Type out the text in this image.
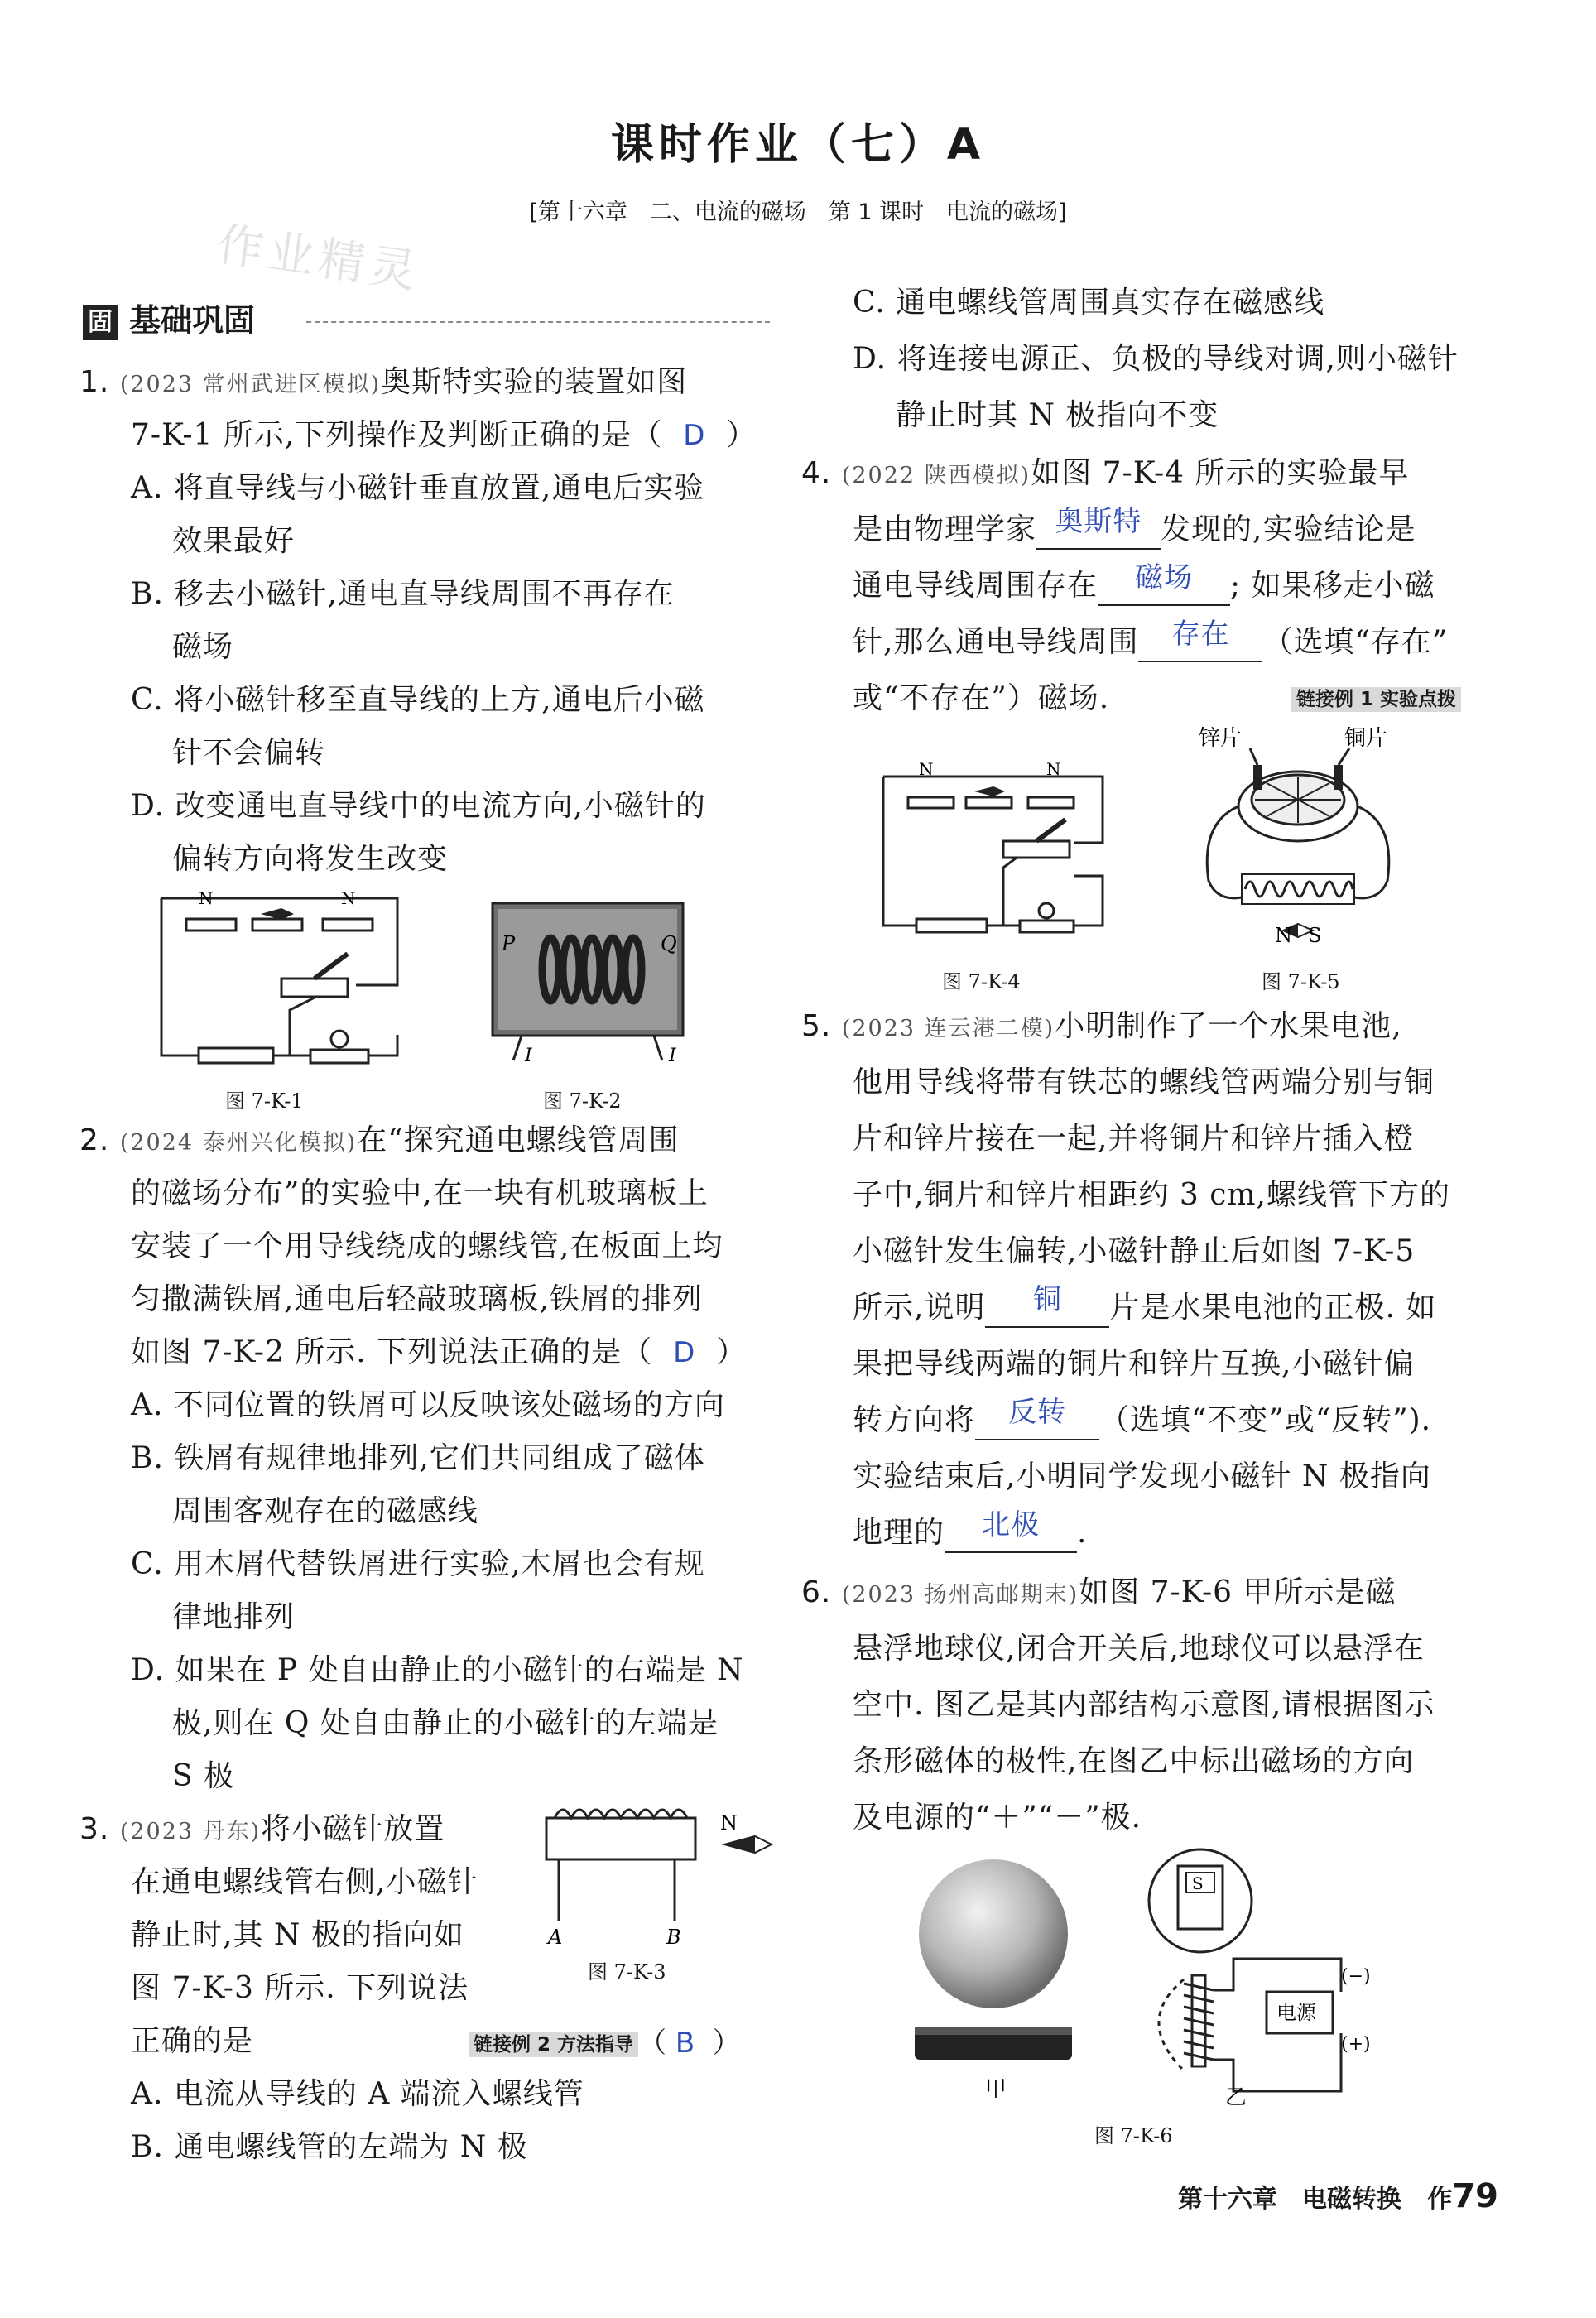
课时作业（七）A
[第十六章　二、电流的磁场　第 1 课时　电流的磁场]
作业精灵
固 基础巩固
1. (2023 常州武进区模拟)奥斯特实验的装置如图
7-K-1 所示,下列操作及判断正确的是（ D ）
A. 将直导线与小磁针垂直放置,通电后实验
效果最好
B. 移去小磁针,通电直导线周围不再存在
磁场
C. 将小磁针移至直导线的上方,通电后小磁
针不会偏转
D. 改变通电直导线中的电流方向,小磁针的
偏转方向将发生改变
N	N
图 7-K-1
P	Q
I	I
图 7-K-2
2. (2024 泰州兴化模拟)在“探究通电螺线管周围
的磁场分布”的实验中,在一块有机玻璃板上
安装了一个用导线绕成的螺线管,在板面上均
匀撒满铁屑,通电后轻敲玻璃板,铁屑的排列
如图 7-K-2 所示. 下列说法正确的是（ D ）
A. 不同位置的铁屑可以反映该处磁场的方向
B. 铁屑有规律地排列,它们共同组成了磁体
周围客观存在的磁感线
C. 用木屑代替铁屑进行实验,木屑也会有规
律地排列
D. 如果在 P 处自由静止的小磁针的右端是 N
极,则在 Q 处自由静止的小磁针的左端是
S 极
3. (2023 丹东)将小磁针放置
在通电螺线管右侧,小磁针
静止时,其 N 极的指向如
图 7-K-3 所示. 下列说法
正确的是	链接例 2 方法指导 （ B ）
A. 电流从导线的 A 端流入螺线管
B. 通电螺线管的左端为 N 极
N
A	B
图 7-K-3
C. 通电螺线管周围真实存在磁感线
D. 将连接电源正、负极的导线对调,则小磁针
静止时其 N 极指向不变
4. (2022 陕西模拟)如图 7-K-4 所示的实验最早
是由物理学家 奥斯特 发现的,实验结论是
通电导线周围存在	磁场	; 如果移走小磁
针,那么通电导线周围	存在	（选填“存在”
或“不存在”）磁场.	链接例 1 实验点拨
N	N
图 7-K-4
锌片	铜片
N S
图 7-K-5
5. (2023 连云港二模)小明制作了一个水果电池,
他用导线将带有铁芯的螺线管两端分别与铜
片和锌片接在一起,并将铜片和锌片插入橙
子中,铜片和锌片相距约 3 cm,螺线管下方的
小磁针发生偏转,小磁针静止后如图 7-K-5
所示,说明	铜	片是水果电池的正极. 如
果把导线两端的铜片和锌片互换,小磁针偏
转方向将	反转	（选填“不变”或“反转”).
实验结束后,小明同学发现小磁针 N 极指向
地理的	北极	.
6. (2023 扬州高邮期末)如图 7-K-6 甲所示是磁
悬浮地球仪,闭合开关后,地球仪可以悬浮在
空中. 图乙是其内部结构示意图,请根据图示
条形磁体的极性,在图乙中标出磁场的方向
及电源的“＋”“－”极.
甲
S
电源
(−)
(+)
乙
图 7-K-6
第十六章　电磁转换 作79
